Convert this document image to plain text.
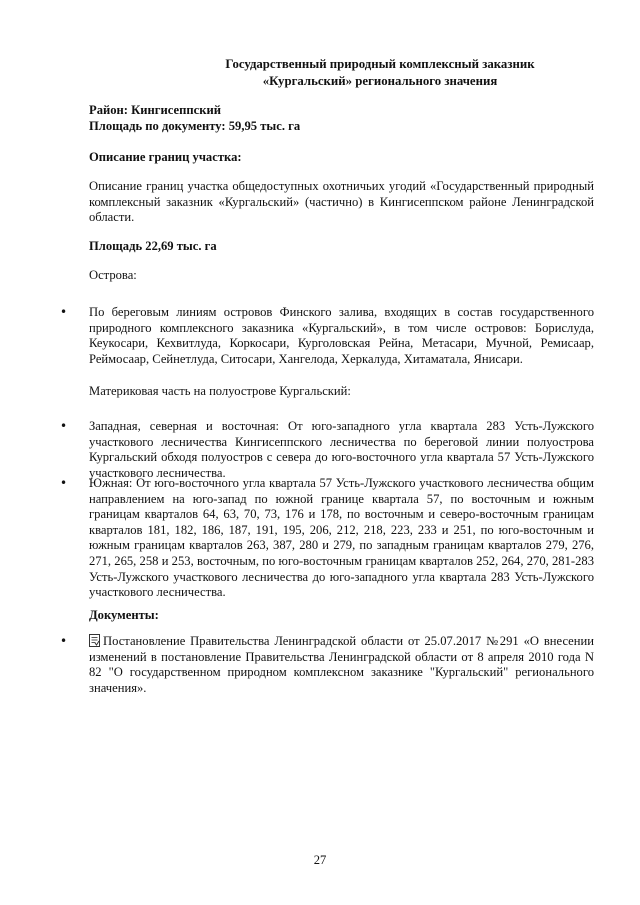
Государственный природный комплексный заказник
«Кургальский» регионального значения
Район: Кингисеппский
Площадь по документу: 59,95 тыс. га
Описание границ участка:
Описание границ участка общедоступных охотничьих угодий «Государственный природный комплексный заказник «Кургальский» (частично) в Кингисеппском районе Ленинградской области.
Площадь 22,69 тыс. га
Острова:
•	По береговым линиям островов Финского залива, входящих в состав государственного природного комплексного заказника «Кургальский», в том числе островов: Бориcлуда, Кеукосари, Кехвитлуда, Коркосари, Курголовская Рейна, Метасари, Мучной, Ремисаар, Реймосаар, Сейнетлуда, Ситосари, Хангелода, Херкалуда, Хитаматала, Янисари.
Материковая часть на полуострове Кургальский:
•	Западная, северная и восточная: От юго-западного угла квартала 283 Усть-Лужского участкового лесничества Кингисеппского лесничества по береговой линии полуострова Кургальский обходя полуостров с севера до юго-восточного угла квартала 57 Усть-Лужского участкового лесничества.
•	Южная: От юго-восточного угла квартала 57 Усть-Лужского участкового лесничества общим направлением на юго-запад по южной границе квартала 57, по восточным и южным границам кварталов 64, 63, 70, 73, 176 и 178, по восточным и северо-восточным границам кварталов 181, 182, 186, 187, 191, 195, 206, 212, 218, 223, 233 и 251, по юго-восточным и южным границам кварталов 263, 387, 280 и 279, по западным границам кварталов 279, 276, 271, 265, 258 и 253, восточным, по юго-восточным границам кварталов 252, 264, 270, 281-283 Усть-Лужского участкового лесничества до юго-западного угла квартала 283 Усть-Лужского участкового лесничества.
Документы:
•	Постановление Правительства Ленинградской области от 25.07.2017 №291 «О внесении изменений в постановление Правительства Ленинградской области от 8 апреля 2010 года N 82 "О государственном природном комплексном заказнике "Кургальский" регионального значения».
27
